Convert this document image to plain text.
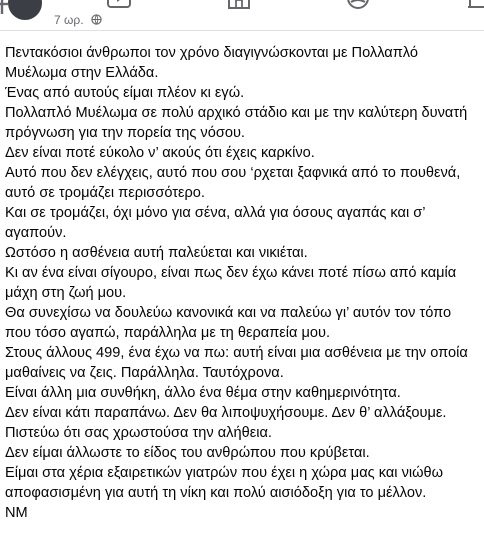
7 ωρ.

Πεντακόσιοι άνθρωποι τον χρόνο διαγιγνώσκονται με Πολλαπλό Μυέλωμα στην Ελλάδα.

Ένας από αυτούς είμαι πλέον κι εγώ.

Πολλαπλό Μυέλωμα σε πολύ αρχικό στάδιο και με την καλύτερη δυνατή πρόγνωση για την πορεία της νόσου.

Δεν είναι ποτέ εύκολο ν’ ακούς ότι έχεις καρκίνο.

Αυτό που δεν ελέγχεις, αυτό που σου ‘ρχεται ξαφνικά από το πουθενά, αυτό σε τρομάζει περισσότερο.

Και σε τρομάζει, όχι μόνο για σένα, αλλά για όσους αγαπάς και σ’ αγαπούν.

Ωστόσο η ασθένεια αυτή παλεύεται και νικιέται.

Κι αν ένα είναι σίγουρο, είναι πως δεν έχω κάνει ποτέ πίσω από καμία μάχη στη ζωή μου.

Θα συνεχίσω να δουλεύω κανονικά και να παλεύω γι’ αυτόν τον τόπο που τόσο αγαπώ, παράλληλα με τη θεραπεία μου.

Στους άλλους 499, ένα έχω να πω: αυτή είναι μια ασθένεια με την οποία μαθαίνεις να ζεις. Παράλληλα. Ταυτόχρονα.

Είναι άλλη μια συνθήκη, άλλο ένα θέμα στην καθημερινότητα.

Δεν είναι κάτι παραπάνω. Δεν θα λιποψυχήσουμε. Δεν θ’ αλλάξουμε.

Πιστεύω ότι σας χρωστούσα την αλήθεια.

Δεν είμαι άλλωστε το είδος του ανθρώπου που κρύβεται.

Είμαι στα χέρια εξαιρετικών γιατρών που έχει η χώρα μας και νιώθω αποφασισμένη για αυτή τη νίκη και πολύ αισιόδοξη για το μέλλον.

ΝΜ
